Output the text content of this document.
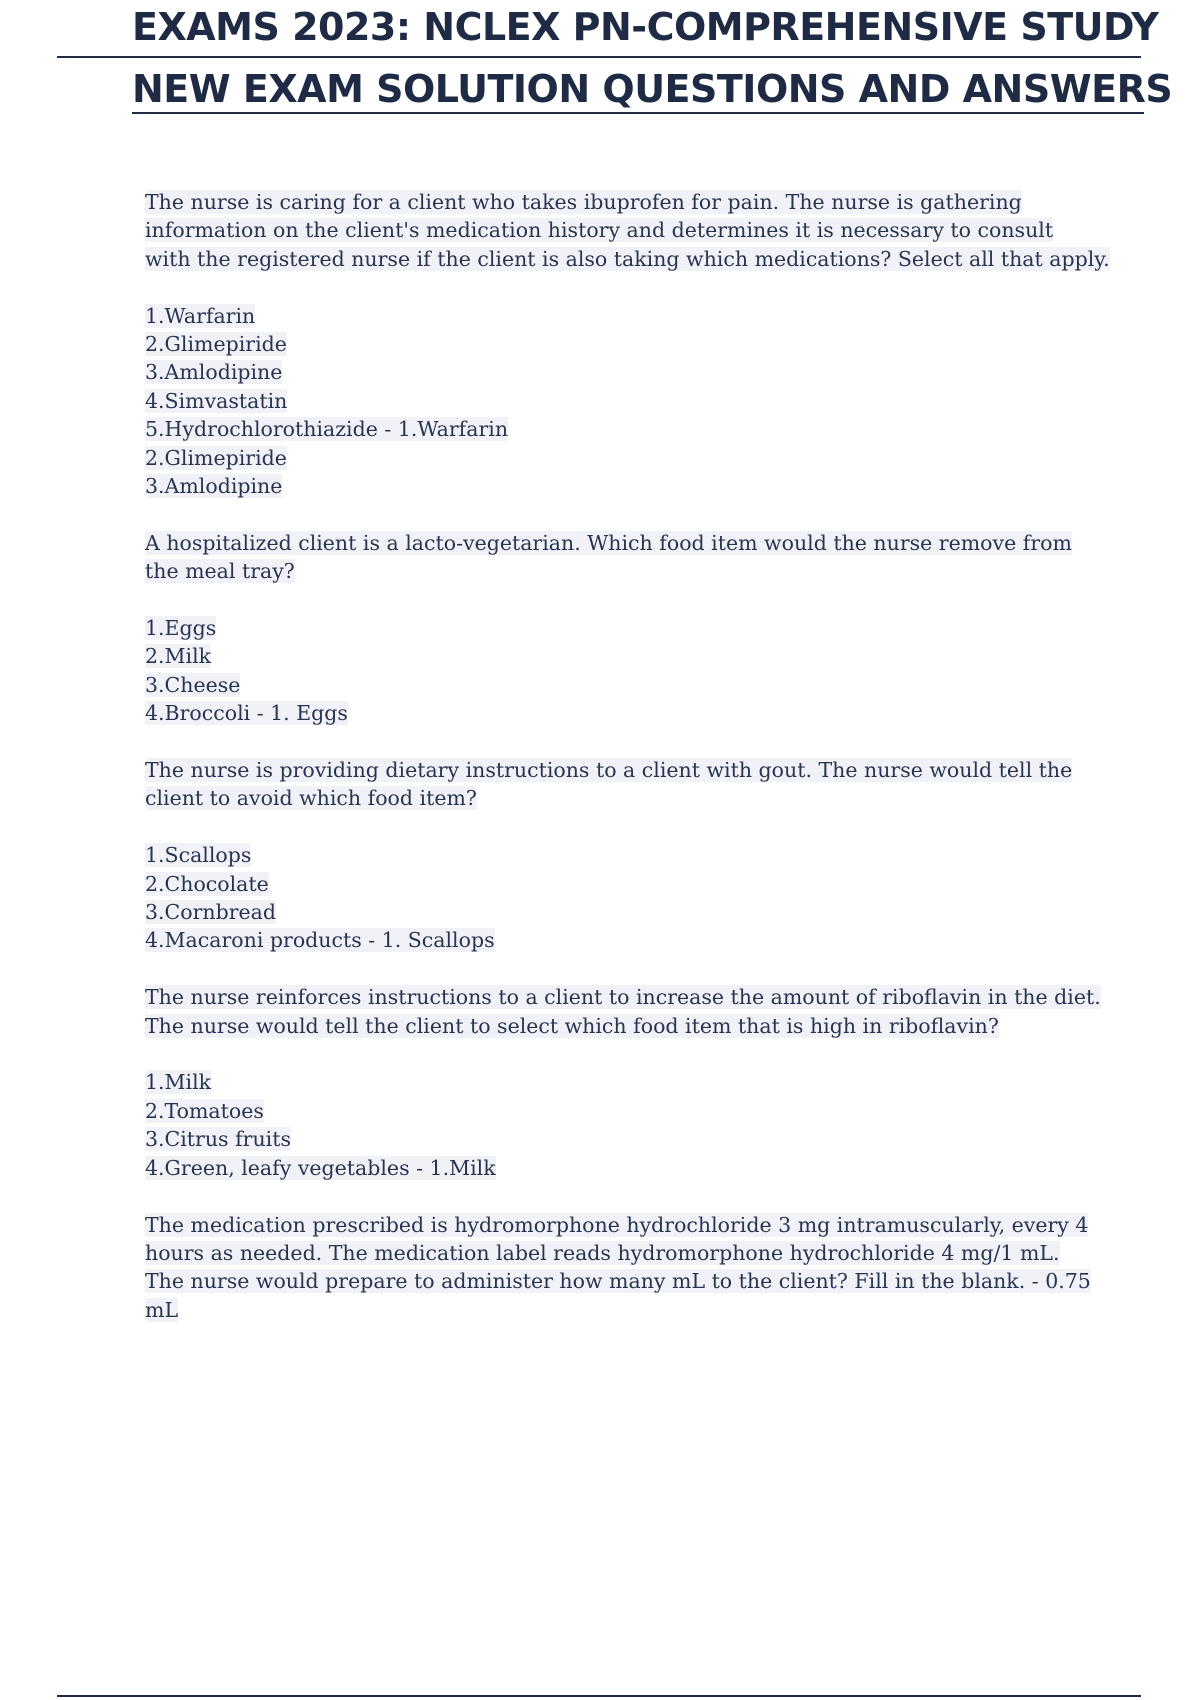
EXAMS 2023: NCLEX PN-COMPREHENSIVE STUDY
NEW EXAM SOLUTION QUESTIONS AND ANSWERS
The nurse is caring for a client who takes ibuprofen for pain. The nurse is gathering
information on the client's medication history and determines it is necessary to consult
with the registered nurse if the client is also taking which medications? Select all that apply.
1.Warfarin
2.Glimepiride
3.Amlodipine
4.Simvastatin
5.Hydrochlorothiazide - 1.Warfarin
2.Glimepiride
3.Amlodipine
A hospitalized client is a lacto-vegetarian. Which food item would the nurse remove from
the meal tray?
1.Eggs
2.Milk
3.Cheese
4.Broccoli - 1. Eggs
The nurse is providing dietary instructions to a client with gout. The nurse would tell the
client to avoid which food item?
1.Scallops
2.Chocolate
3.Cornbread
4.Macaroni products - 1. Scallops
The nurse reinforces instructions to a client to increase the amount of riboflavin in the diet.
The nurse would tell the client to select which food item that is high in riboflavin?
1.Milk
2.Tomatoes
3.Citrus fruits
4.Green, leafy vegetables - 1.Milk
The medication prescribed is hydromorphone hydrochloride 3 mg intramuscularly, every 4
hours as needed. The medication label reads hydromorphone hydrochloride 4 mg/1 mL.
The nurse would prepare to administer how many mL to the client? Fill in the blank. - 0.75
mL
